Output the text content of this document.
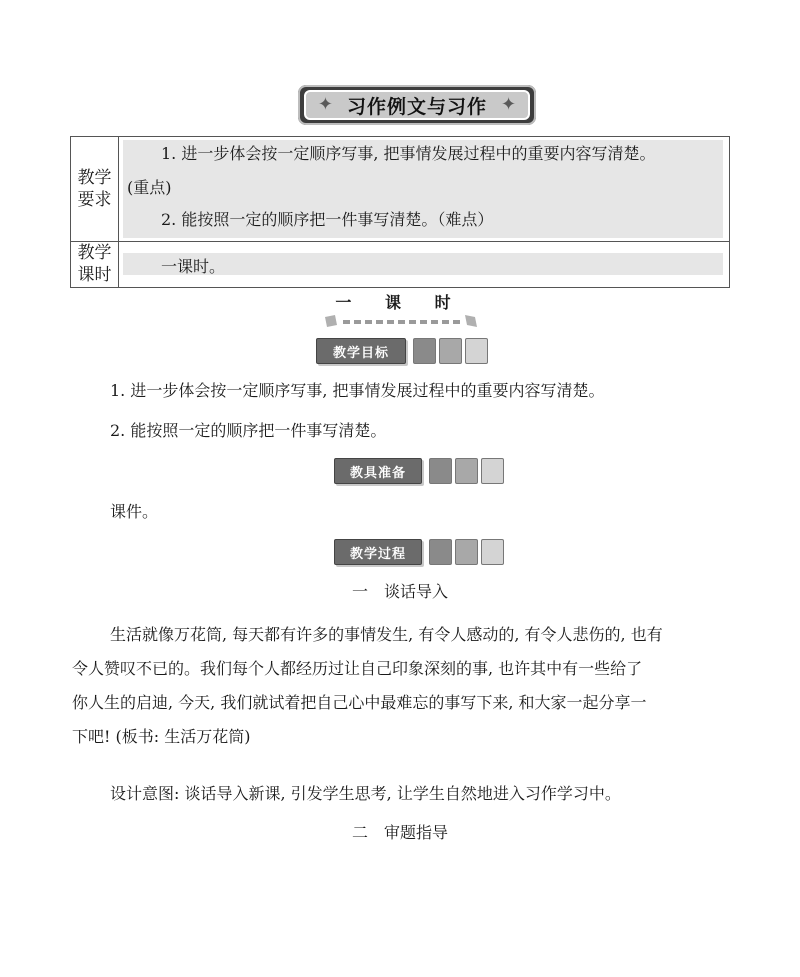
✦ 习作例文与习作 ✦
教学要求
1. 进一步体会按一定顺序写事, 把事情发展过程中的重要内容写清楚。
(重点)
2. 能按照一定的顺序把一件事写清楚。（难点）
教学课时	一课时。
一 课 时
教学目标
1. 进一步体会按一定顺序写事, 把事情发展过程中的重要内容写清楚。
2. 能按照一定的顺序把一件事写清楚。
教具准备
课件。
教学过程
一　谈话导入
生活就像万花筒, 每天都有许多的事情发生, 有令人感动的, 有令人悲伤的, 也有
令人赞叹不已的。我们每个人都经历过让自己印象深刻的事, 也许其中有一些给了
你人生的启迪, 今天, 我们就试着把自己心中最难忘的事写下来, 和大家一起分享一
下吧! (板书: 生活万花筒)
设计意图: 谈话导入新课, 引发学生思考, 让学生自然地进入习作学习中。
二　审题指导
